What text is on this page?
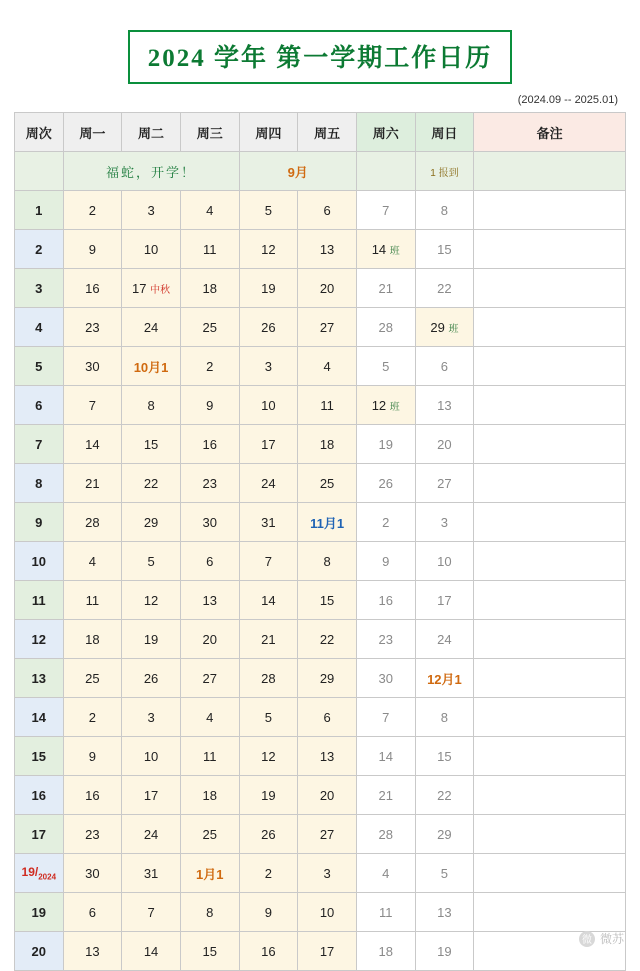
2024 学年 第一学期工作日历
(2024.09 -- 2025.01)
周次	周一	周二	周三	周四	周五	周六	周日	备注
	福蛇，开学！			9月			1 报到	
1	2	3	4	5	6	7	8	
2	9	10	11	12	13	14 班	15	
3	16	17 中秋	18	19	20	21	22	
4	23	24	25	26	27	28	29 班	
5	30	10月1	2	3	4	5	6	
6	7	8	9	10	11	12 班	13	
7	14	15	16	17	18	19	20	
8	21	22	23	24	25	26	27	
9	28	29	30	31	11月1	2	3	
10	4	5	6	7	8	9	10	
11	11	12	13	14	15	16	17	
12	18	19	20	21	22	23	24	
13	25	26	27	28	29	30	12月1	
14	2	3	4	5	6	7	8	
15	9	10	11	12	13	14	15	
16	16	17	18	19	20	21	22	
17	23	24	25	26	27	28	29	
$19/_{2024}$	30	31	1月1	2	3	4	5	
19	6	7	8	9	10	11	13	
20	13	14	15	16	17	18	19	
微 微苏
